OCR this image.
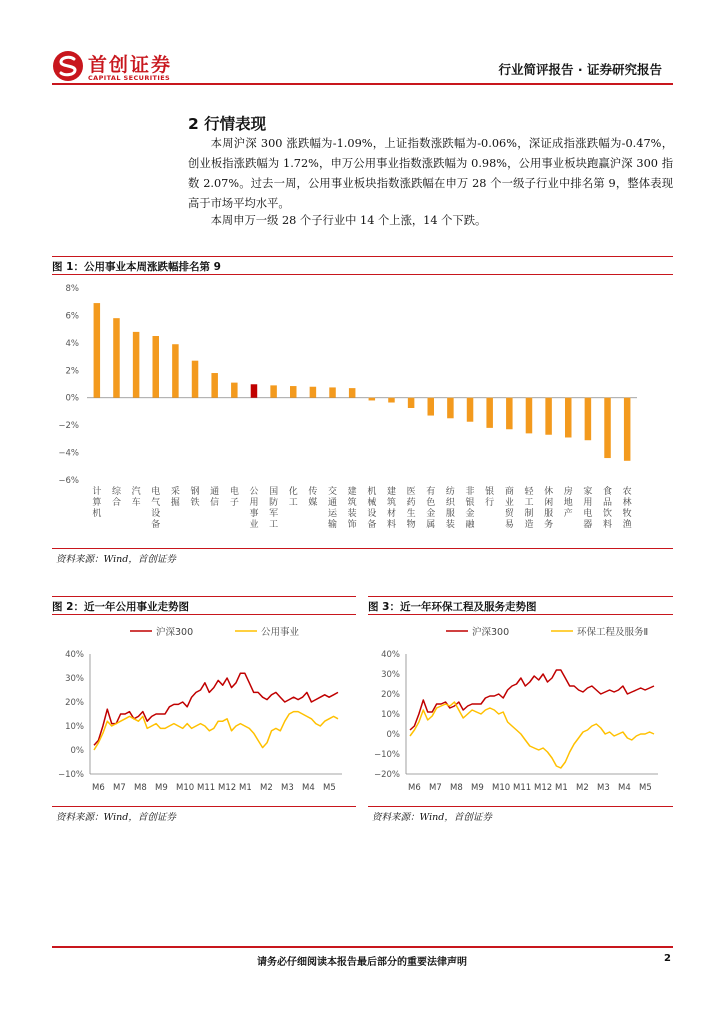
首创证券
CAPITAL SECURITIES
行业简评报告 · 证券研究报告
2 行情表现
本周沪深 300 涨跌幅为-1.09%，上证指数涨跌幅为-0.06%，深证成指涨跌幅为-0.47%，创业板指涨跌幅为 1.72%，申万公用事业指数涨跌幅为 0.98%，公用事业板块跑赢沪深 300 指数 2.07%。过去一周，公用事业板块指数涨跌幅在申万 28 个一级子行业中排名第 9，整体表现高于市场平均水平。
本周申万一级 28 个子行业中 14 个上涨，14 个下跌。
图 1：公用事业本周涨跌幅排名第 9
8%
6%
4%
2%
0%
−2%
−4%
−6%
计算机
综合
汽车
电气设备
采掘
钢铁
通信
电子
公用事业
国防军工
化工
传媒
交通运输
建筑装饰
机械设备
建筑材料
医药生物
有色金属
纺织服装
非银金融
银行
商业贸易
轻工制造
休闲服务
房地产
家用电器
食品饮料
农林牧渔
资料来源：Wind，首创证券
图 2：近一年公用事业走势图
沪深300	公用事业
40%
30%
20%
10%
0%
−10%
M6 M7 M8 M9 M10 M11 M12 M1 M2 M3 M4 M5
资料来源：Wind，首创证券
图 3：近一年环保工程及服务走势图
沪深300	环保工程及服务Ⅱ
40%
30%
20%
10%
0%
−10%
−20%
M6 M7 M8 M9 M10 M11 M12 M1 M2 M3 M4 M5
资料来源：Wind，首创证券
请务必仔细阅读本报告最后部分的重要法律声明	2
